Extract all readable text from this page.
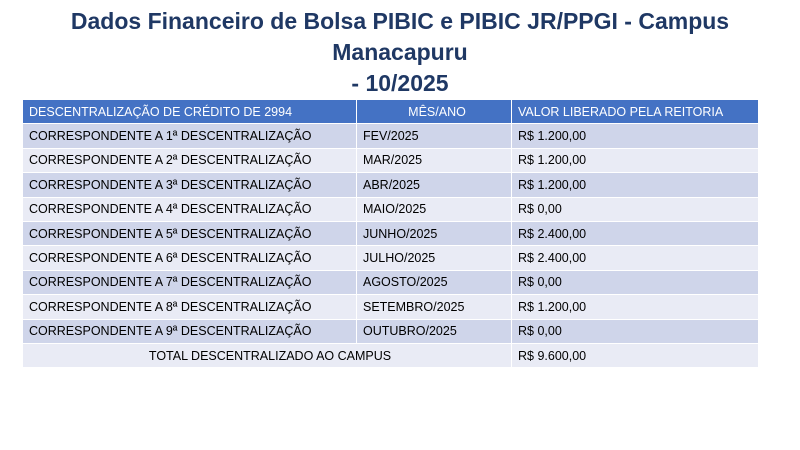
Dados Financeiro de Bolsa PIBIC e PIBIC JR/PPGI - Campus Manacapuru
- 10/2025
DESCENTRALIZAÇÃO DE CRÉDITO DE 2994	MÊS/ANO	VALOR LIBERADO PELA REITORIA
CORRESPONDENTE A 1ª DESCENTRALIZAÇÃO	FEV/2025	R$ 1.200,00
CORRESPONDENTE A 2ª DESCENTRALIZAÇÃO	MAR/2025	R$ 1.200,00
CORRESPONDENTE A 3ª DESCENTRALIZAÇÃO	ABR/2025	R$ 1.200,00
CORRESPONDENTE A 4ª DESCENTRALIZAÇÃO	MAIO/2025	R$ 0,00
CORRESPONDENTE A 5ª DESCENTRALIZAÇÃO	JUNHO/2025	R$ 2.400,00
CORRESPONDENTE A 6ª DESCENTRALIZAÇÃO	JULHO/2025	R$ 2.400,00
CORRESPONDENTE A 7ª DESCENTRALIZAÇÃO	AGOSTO/2025	R$ 0,00
CORRESPONDENTE A 8ª DESCENTRALIZAÇÃO	SETEMBRO/2025	R$ 1.200,00
CORRESPONDENTE A 9ª DESCENTRALIZAÇÃO	OUTUBRO/2025	R$ 0,00
TOTAL DESCENTRALIZADO AO CAMPUS		R$ 9.600,00
